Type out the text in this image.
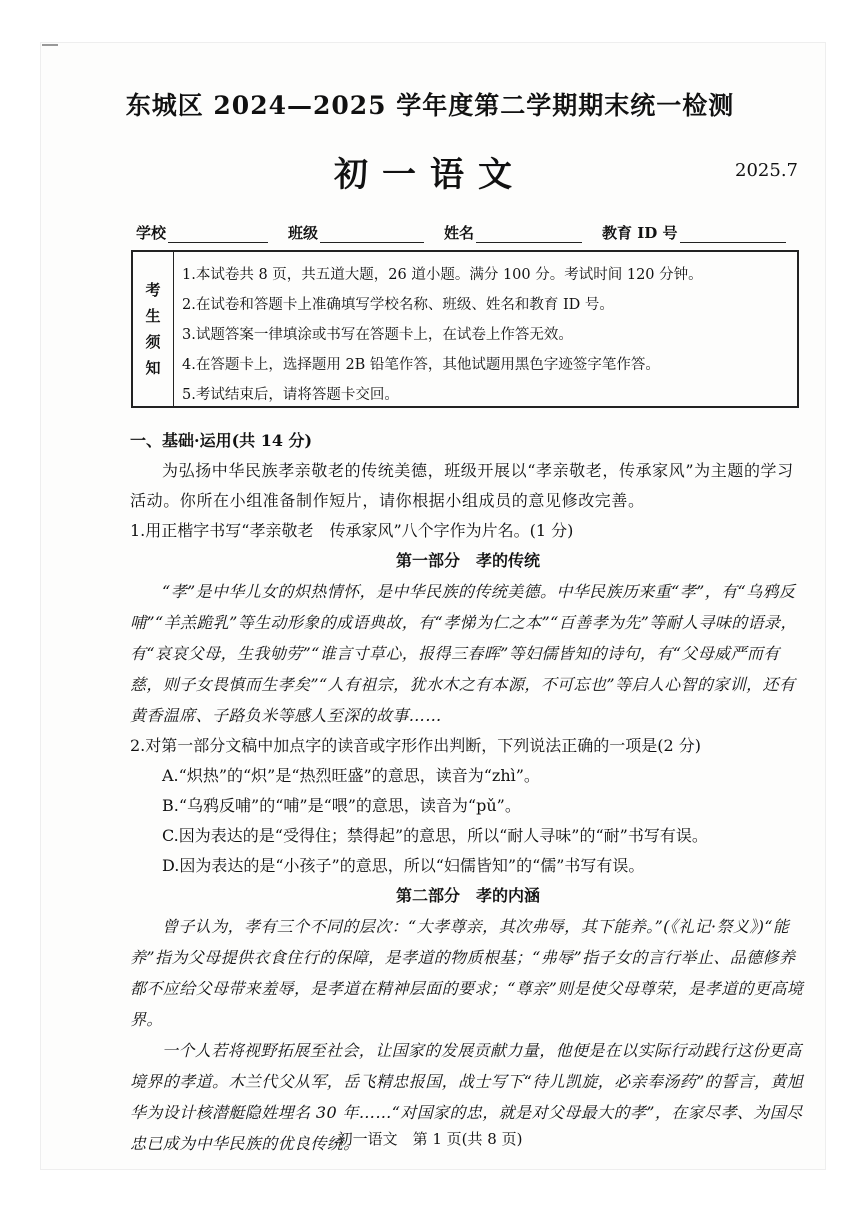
东城区 2024—2025 学年度第二学期期末统一检测
初一语文	2025.7
学校	班级	姓名	教育 ID 号
考
生
须
知
1.本试卷共 8 页，共五道大题，26 道小题。满分 100 分。考试时间 120 分钟。
2.在试卷和答题卡上准确填写学校名称、班级、姓名和教育 ID 号。
3.试题答案一律填涂或书写在答题卡上，在试卷上作答无效。
4.在答题卡上，选择题用 2B 铅笔作答，其他试题用黑色字迹签字笔作答。
5.考试结束后，请将答题卡交回。

一、基础·运用(共 14 分)

为弘扬中华民族孝亲敬老的传统美德，班级开展以“孝亲敬老，传承家风”为主题的学习活动。你所在小组准备制作短片，请你根据小组成员的意见修改完善。

1.用正楷字书写“孝亲敬老　传承家风”八个字作为片名。(1 分)

第一部分　孝的传统

“孝”是中华儿女的炽热情怀，是中华民族的传统美德。中华民族历来重“孝”，有“乌鸦反哺”“羊羔跪乳”等生动形象的成语典故，有“孝悌为仁之本”“百善孝为先”等耐人寻味的语录，有“哀哀父母，生我劬劳”“谁言寸草心，报得三春晖”等妇儒皆知的诗句，有“父母威严而有慈，则子女畏慎而生孝矣”“人有祖宗，犹水木之有本源，不可忘也”等启人心智的家训，还有黄香温席、子路负米等感人至深的故事……

2.对第一部分文稿中加点字的读音或字形作出判断，下列说法正确的一项是(2 分)

A.“炽热”的“炽”是“热烈旺盛”的意思，读音为“zhì”。

B.“乌鸦反哺”的“哺”是“喂”的意思，读音为“pǔ”。

C.因为表达的是“受得住；禁得起”的意思，所以“耐人寻味”的“耐”书写有误。

D.因为表达的是“小孩子”的意思，所以“妇儒皆知”的“儒”书写有误。

第二部分　孝的内涵

曾子认为，孝有三个不同的层次：“大孝尊亲，其次弗辱，其下能养。”(《礼记·祭义》)“能养”指为父母提供衣食住行的保障，是孝道的物质根基；“弗辱”指子女的言行举止、品德修养都不应给父母带来羞辱，是孝道在精神层面的要求；“尊亲”则是使父母尊荣，是孝道的更高境界。

一个人若将视野拓展至社会，让国家的发展贡献力量，他便是在以实际行动践行这份更高境界的孝道。木兰代父从军，岳飞精忠报国，战士写下“待儿凯旋，必亲奉汤药”的誓言，黄旭华为设计核潜艇隐姓埋名 30 年……“对国家的忠，就是对父母最大的孝”，在家尽孝、为国尽忠已成为中华民族的优良传统。

初一语文　第 1 页(共 8 页)
